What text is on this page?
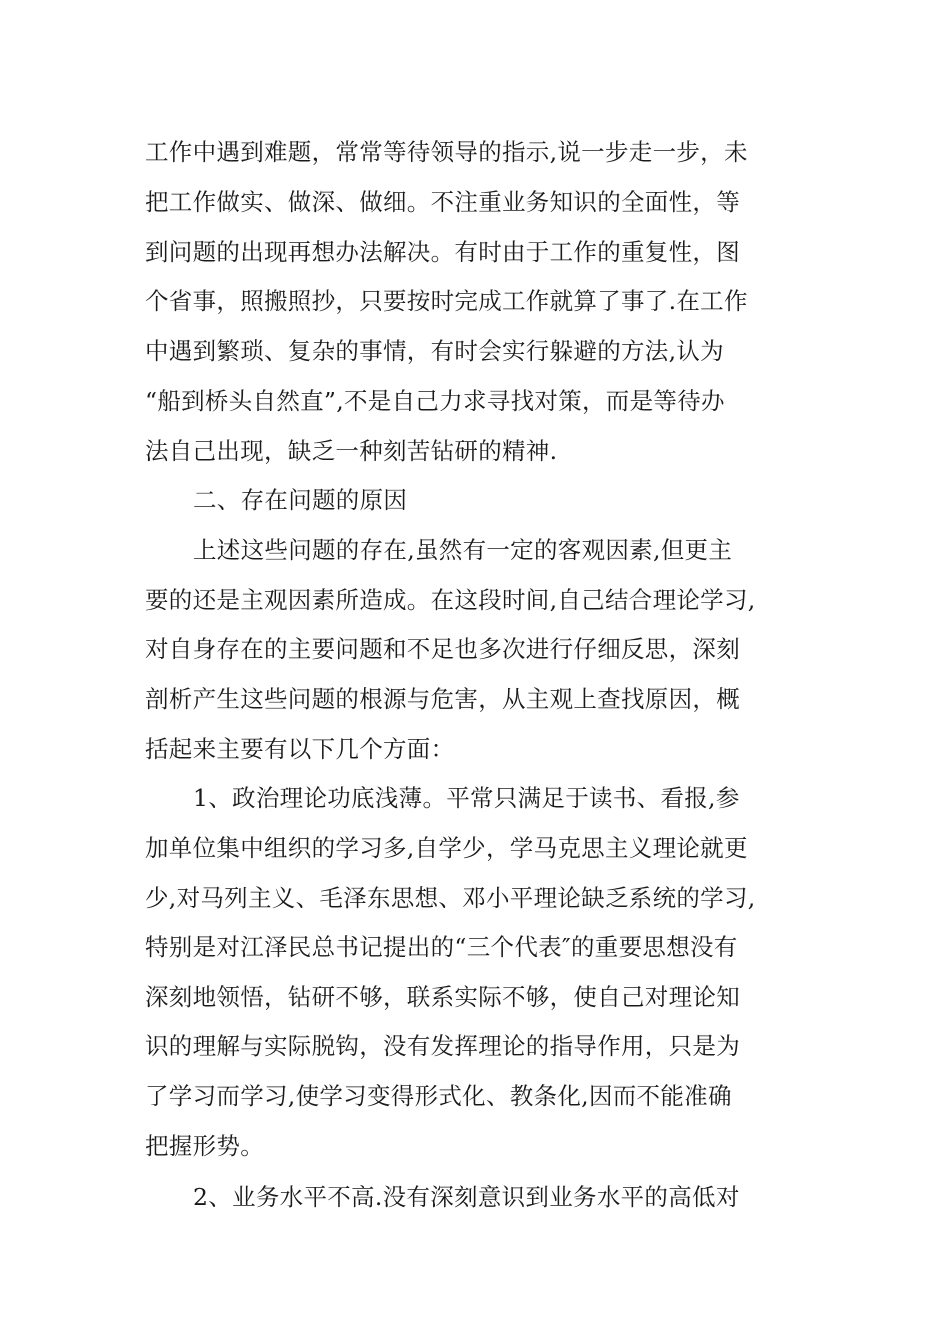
工作中遇到难题，常常等待领导的指示,说一步走一步，未
把工作做实、做深、做细。不注重业务知识的全面性，等
到问题的出现再想办法解决。有时由于工作的重复性，图
个省事，照搬照抄，只要按时完成工作就算了事了.在工作
中遇到繁琐、复杂的事情，有时会实行躲避的方法,认为
“船到桥头自然直”,不是自己力求寻找对策，而是等待办
法自己出现，缺乏一种刻苦钻研的精神.
二、存在问题的原因
上述这些问题的存在,虽然有一定的客观因素,但更主
要的还是主观因素所造成。在这段时间,自己结合理论学习,
对自身存在的主要问题和不足也多次进行仔细反思，深刻
剖析产生这些问题的根源与危害，从主观上查找原因，概
括起来主要有以下几个方面：
1、政治理论功底浅薄。平常只满足于读书、看报,参
加单位集中组织的学习多,自学少，学马克思主义理论就更
少,对马列主义、毛泽东思想、邓小平理论缺乏系统的学习,
特别是对江泽民总书记提出的“三个代表″的重要思想没有
深刻地领悟，钻研不够，联系实际不够，使自己对理论知
识的理解与实际脱钩，没有发挥理论的指导作用，只是为
了学习而学习,使学习变得形式化、教条化,因而不能准确
把握形势。
2、业务水平不高.没有深刻意识到业务水平的高低对
